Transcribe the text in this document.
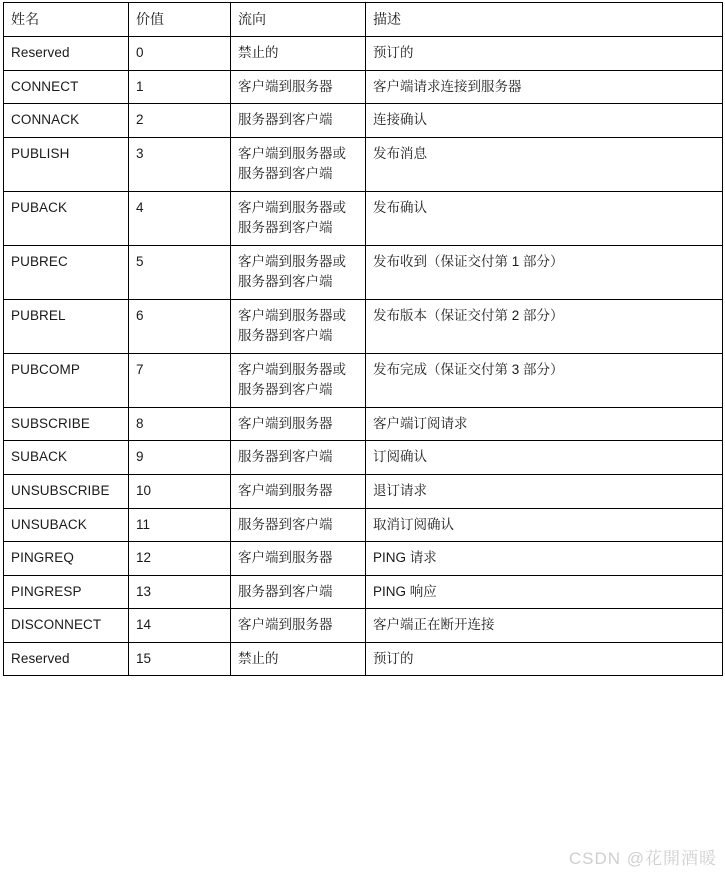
姓名	价值	流向	描述
Reserved	0	禁止的	预订的
CONNECT	1	客户端到服务器	客户端请求连接到服务器
CONNACK	2	服务器到客户端	连接确认
PUBLISH	3	客户端到服务器或服务器到客户端	发布消息
PUBACK	4	客户端到服务器或服务器到客户端	发布确认
PUBREC	5	客户端到服务器或服务器到客户端	发布收到（保证交付第 1 部分）
PUBREL	6	客户端到服务器或服务器到客户端	发布版本（保证交付第 2 部分）
PUBCOMP	7	客户端到服务器或服务器到客户端	发布完成（保证交付第 3 部分）
SUBSCRIBE	8	客户端到服务器	客户端订阅请求
SUBACK	9	服务器到客户端	订阅确认
UNSUBSCRIBE	10	客户端到服务器	退订请求
UNSUBACK	11	服务器到客户端	取消订阅确认
PINGREQ	12	客户端到服务器	PING 请求
PINGRESP	13	服务器到客户端	PING 响应
DISCONNECT	14	客户端到服务器	客户端正在断开连接
Reserved	15	禁止的	预订的
CSDN @花開酒暖
